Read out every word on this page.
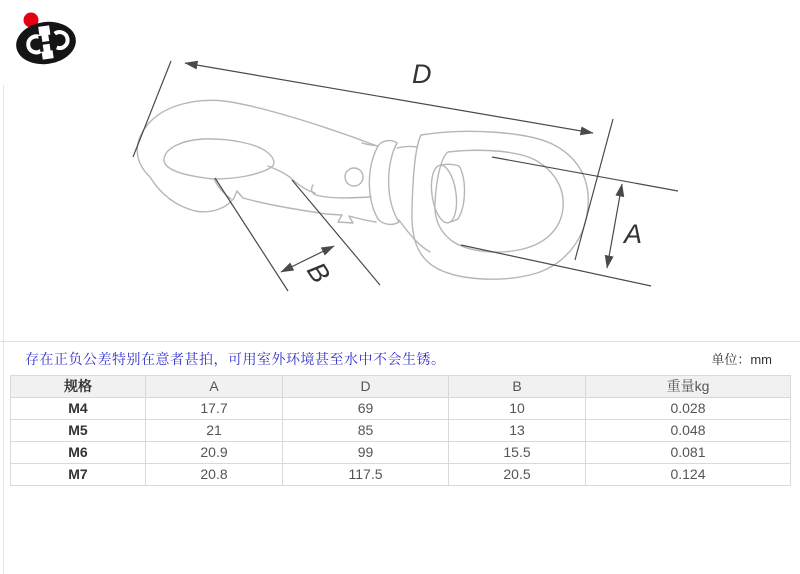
H
D
A
B
存在正负公差特别在意者甚拍，可用室外环境甚至水中不会生锈。	单位：mm
规格	A	D	B	重量kg
M4	17.7	69	10	0.028
M5	21	85	13	0.048
M6	20.9	99	15.5	0.081
M7	20.8	117.5	20.5	0.124
